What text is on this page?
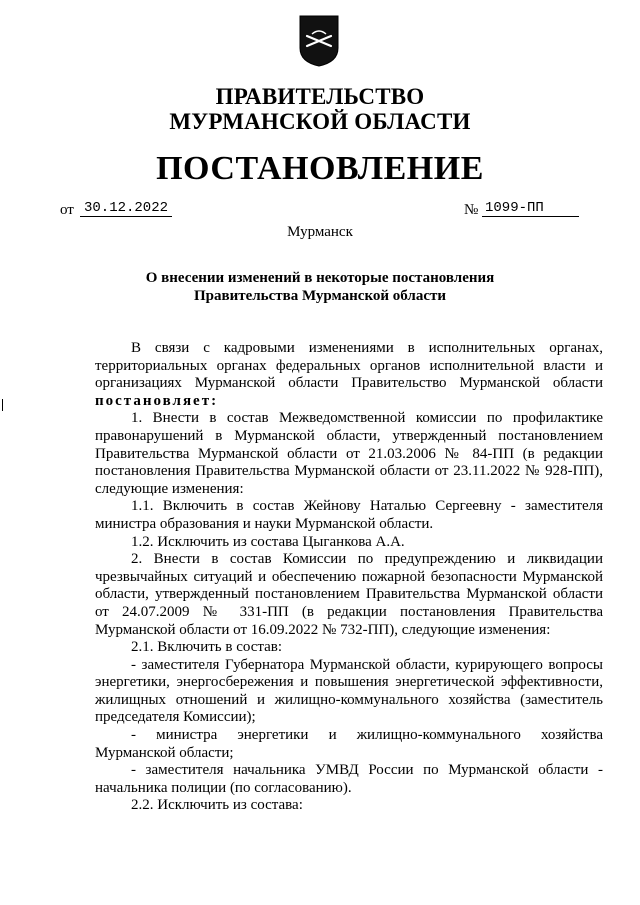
ПРАВИТЕЛЬСТВО
МУРМАНСКОЙ ОБЛАСТИ
ПОСТАНОВЛЕНИЕ
от 30.12.2022	№ 1099-ПП
Мурманск
О внесении изменений в некоторые постановления
Правительства Мурманской области

В связи с кадровыми изменениями в исполнительных органах, территориальных органах федеральных органов исполнительной власти и организациях Мурманской области Правительство Мурманской области постановляет:

1. Внести в состав Межведомственной комиссии по профилактике правонарушений в Мурманской области, утвержденный постановлением Правительства Мурманской области от 21.03.2006 № 84-ПП (в редакции постановления Правительства Мурманской области от 23.11.2022 № 928-ПП), следующие изменения:

1.1. Включить в состав Жейнову Наталью Сергеевну - заместителя министра образования и науки Мурманской области.

1.2. Исключить из состава Цыганкова А.А.

2. Внести в состав Комиссии по предупреждению и ликвидации чрезвычайных ситуаций и обеспечению пожарной безопасности Мурманской области, утвержденный постановлением Правительства Мурманской области от 24.07.2009 № 331-ПП (в редакции постановления Правительства Мурманской области от 16.09.2022 № 732-ПП), следующие изменения:

2.1. Включить в состав:

- заместителя Губернатора Мурманской области, курирующего вопросы энергетики, энергосбережения и повышения энергетической эффективности, жилищных отношений и жилищно-коммунального хозяйства (заместитель председателя Комиссии);

- министра энергетики и жилищно-коммунального хозяйства Мурманской области;

- заместителя начальника УМВД России по Мурманской области - начальника полиции (по согласованию).

2.2. Исключить из состава:
